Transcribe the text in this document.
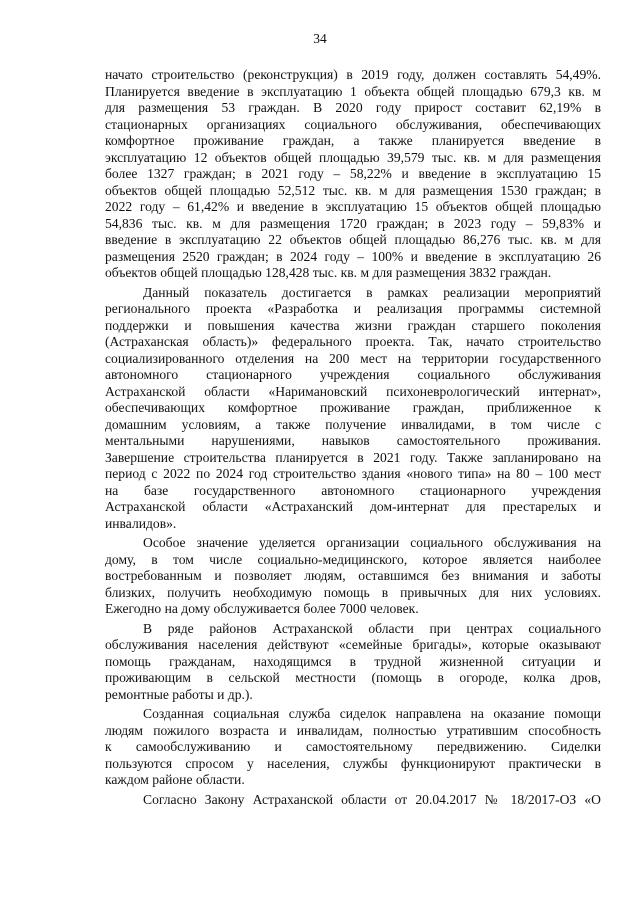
34
начато строительство (реконструкция) в 2019 году, должен составлять 54,49%.
Планируется введение в эксплуатацию 1 объекта общей площадью 679,3 кв. м
для размещения 53 граждан. В 2020 году прирост составит 62,19% в
стационарных организациях социального обслуживания, обеспечивающих
комфортное проживание граждан, а также планируется введение в
эксплуатацию 12 объектов общей площадью 39,579 тыс. кв. м для размещения
более 1327 граждан; в 2021 году – 58,22% и введение в эксплуатацию 15
объектов общей площадью 52,512 тыс. кв. м для размещения 1530 граждан; в
2022 году – 61,42% и введение в эксплуатацию 15 объектов общей площадью
54,836 тыс. кв. м для размещения 1720 граждан; в 2023 году – 59,83% и
введение в эксплуатацию 22 объектов общей площадью 86,276 тыс. кв. м для
размещения 2520 граждан; в 2024 году – 100% и введение в эксплуатацию 26
объектов общей площадью 128,428 тыс. кв. м для размещения 3832 граждан.
Данный показатель достигается в рамках реализации мероприятий
регионального проекта «Разработка и реализация программы системной
поддержки и повышения качества жизни граждан старшего поколения
(Астраханская область)» федерального проекта. Так, начато строительство
социализированного отделения на 200 мест на территории государственного
автономного стационарного учреждения социального обслуживания
Астраханской области «Наримановский психоневрологический интернат»,
обеспечивающих комфортное проживание граждан, приближенное к
домашним условиям, а также получение инвалидами, в том числе с
ментальными нарушениями, навыков самостоятельного проживания.
Завершение строительства планируется в 2021 году. Также запланировано на
период с 2022 по 2024 год строительство здания «нового типа» на 80 – 100 мест
на базе государственного автономного стационарного учреждения
Астраханской области «Астраханский дом-интернат для престарелых и
инвалидов».
Особое значение уделяется организации социального обслуживания на
дому, в том числе социально-медицинского, которое является наиболее
востребованным и позволяет людям, оставшимся без внимания и заботы
близких, получить необходимую помощь в привычных для них условиях.
Ежегодно на дому обслуживается более 7000 человек.
В ряде районов Астраханской области при центрах социального
обслуживания населения действуют «семейные бригады», которые оказывают
помощь гражданам, находящимся в трудной жизненной ситуации и
проживающим в сельской местности (помощь в огороде, колка дров,
ремонтные работы и др.).
Созданная социальная служба сиделок направлена на оказание помощи
людям пожилого возраста и инвалидам, полностью утратившим способность
к самообслуживанию и самостоятельному передвижению. Сиделки
пользуются спросом у населения, службы функционируют практически в
каждом районе области.
Согласно Закону Астраханской области от 20.04.2017 № 18/2017-ОЗ «О
